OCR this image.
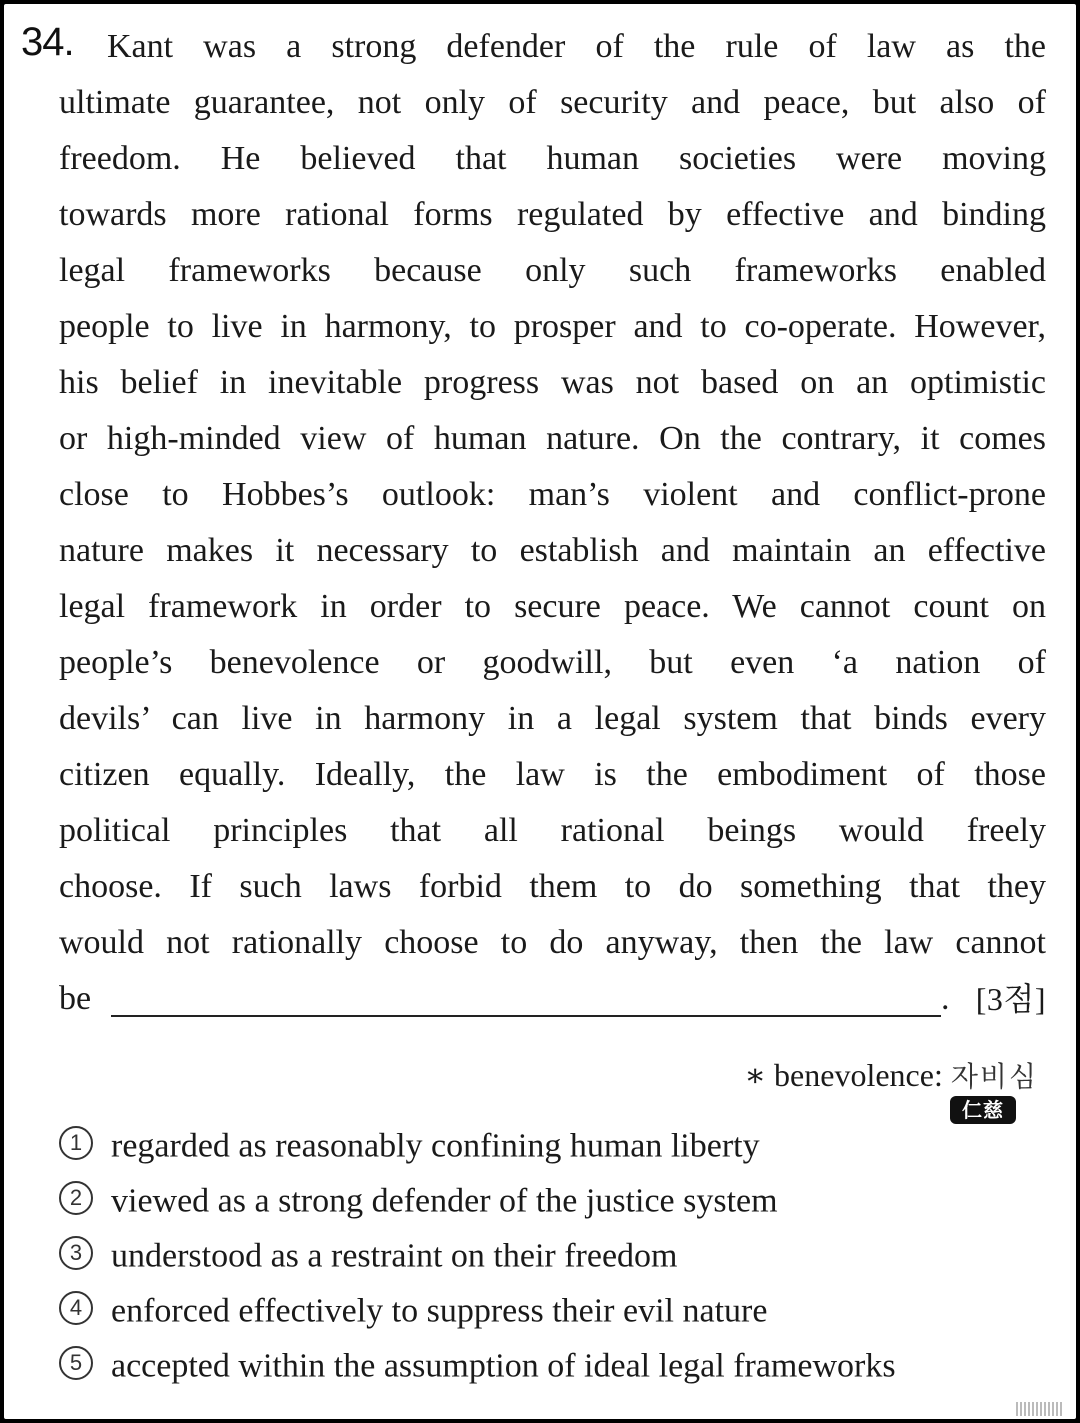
34. Kant was a strong defender of the rule of law as the
ultimate guarantee, not only of security and peace, but also of
freedom. He believed that human societies were moving
towards more rational forms regulated by effective and binding
legal frameworks because only such frameworks enabled
people to live in harmony, to prosper and to co-operate. However,
his belief in inevitable progress was not based on an optimistic
or high-minded view of human nature. On the contrary, it comes
close to Hobbes’s outlook: man’s violent and conflict-prone
nature makes it necessary to establish and maintain an effective
legal framework in order to secure peace. We cannot count on
people’s benevolence or goodwill, but even ‘a nation of
devils’ can live in harmony in a legal system that binds every
citizen equally. Ideally, the law is the embodiment of those
political principles that all rational beings would freely
choose. If such laws forbid them to do something that they
would not rationally choose to do anyway, then the law cannot
be	. [3점]
∗ benevolence: 자비심
仁慈
1 regarded as reasonably confining human liberty
2 viewed as a strong defender of the justice system
3 understood as a restraint on their freedom
4 enforced effectively to suppress their evil nature
5 accepted within the assumption of ideal legal frameworks
